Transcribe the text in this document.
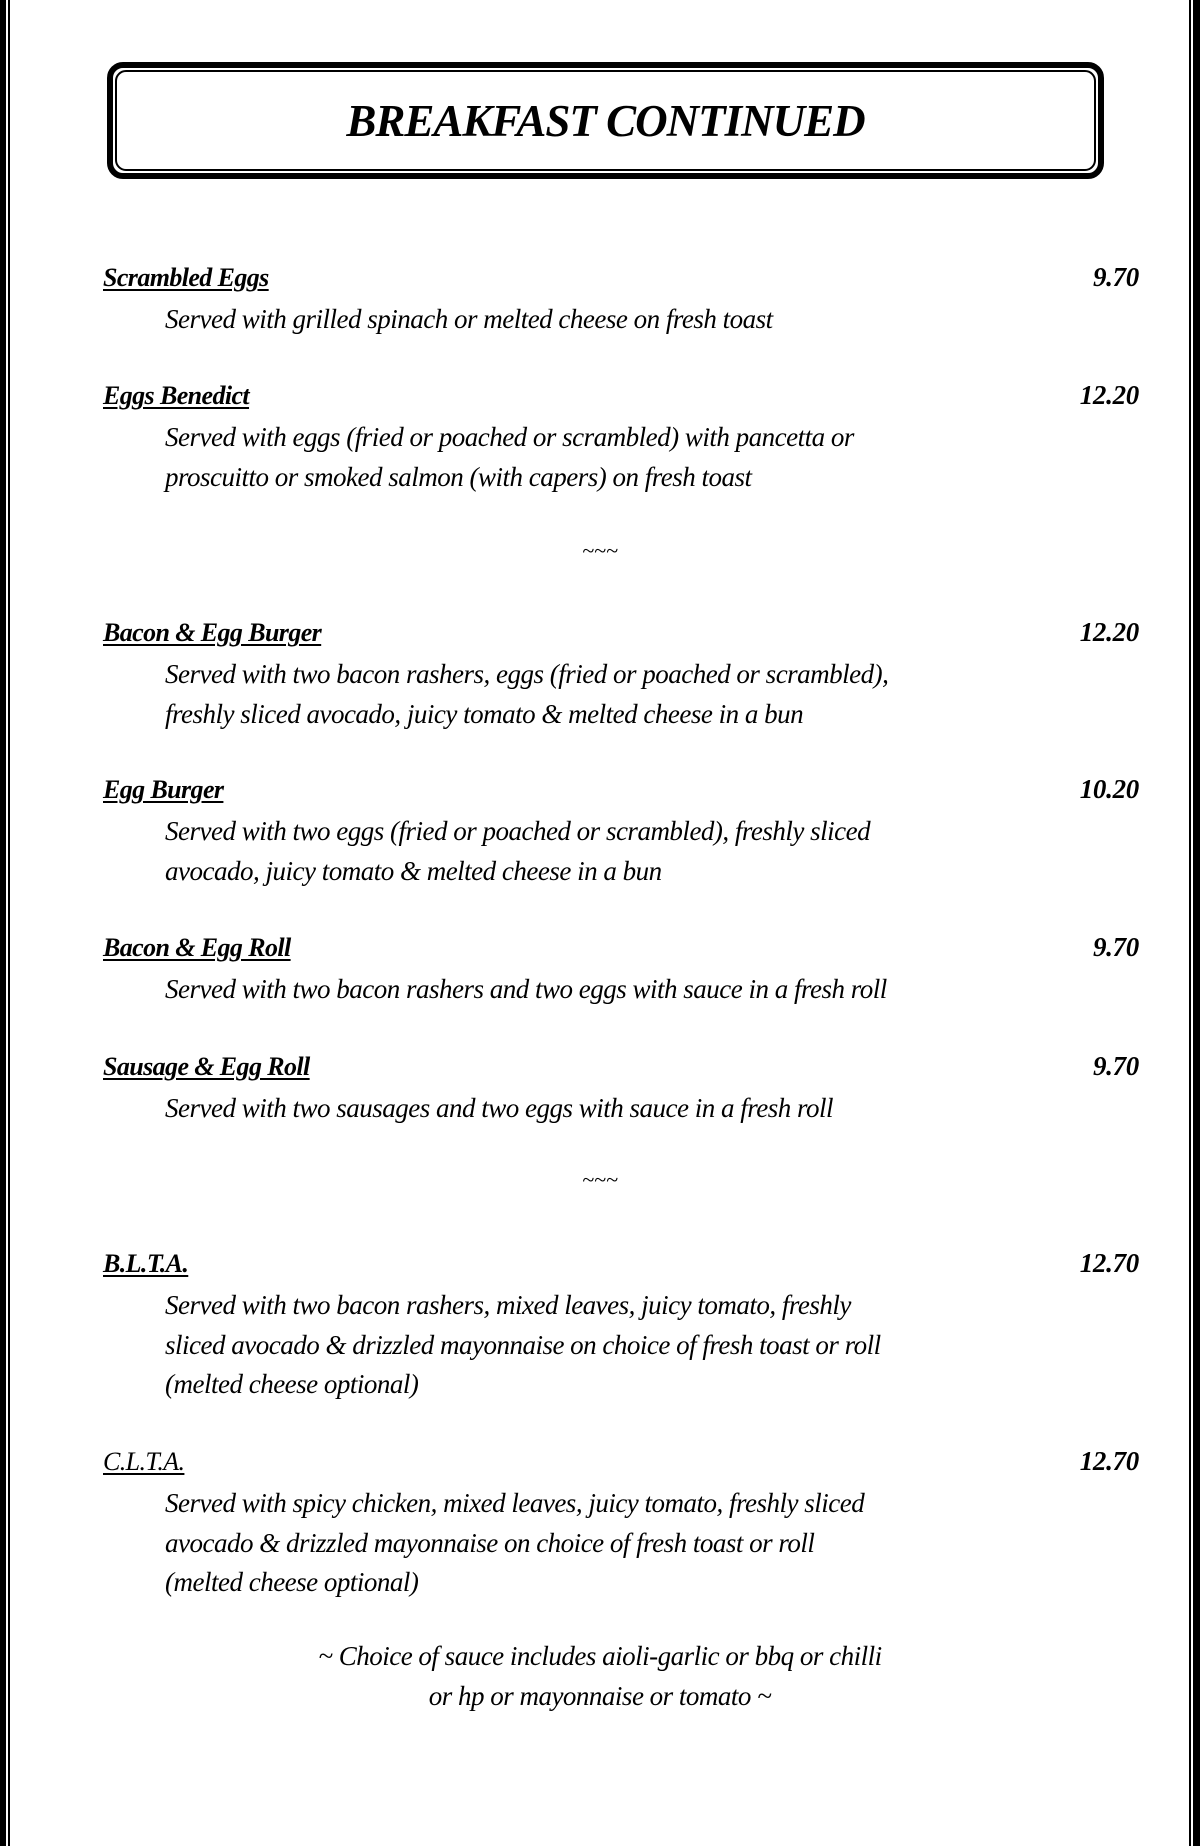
BREAKFAST CONTINUED
Scrambled Eggs	9.70
Served with grilled spinach or melted cheese on fresh toast
Eggs Benedict	12.20
Served with eggs (fried or poached or scrambled) with pancetta or
proscuitto or smoked salmon (with capers) on fresh toast
~~~
Bacon & Egg Burger	12.20
Served with two bacon rashers, eggs (fried or poached or scrambled),
freshly sliced avocado, juicy tomato & melted cheese in a bun
Egg Burger	10.20
Served with two eggs (fried or poached or scrambled), freshly sliced
avocado, juicy tomato & melted cheese in a bun
Bacon & Egg Roll	9.70
Served with two bacon rashers and two eggs with sauce in a fresh roll
Sausage & Egg Roll	9.70
Served with two sausages and two eggs with sauce in a fresh roll
~~~
B.L.T.A.	12.70
Served with two bacon rashers, mixed leaves, juicy tomato, freshly
sliced avocado & drizzled mayonnaise on choice of fresh toast or roll
(melted cheese optional)
C.L.T.A.	12.70
Served with spicy chicken, mixed leaves, juicy tomato, freshly sliced
avocado & drizzled mayonnaise on choice of fresh toast or roll
(melted cheese optional)
~ Choice of sauce includes aioli-garlic or bbq or chilli
or hp or mayonnaise or tomato ~
